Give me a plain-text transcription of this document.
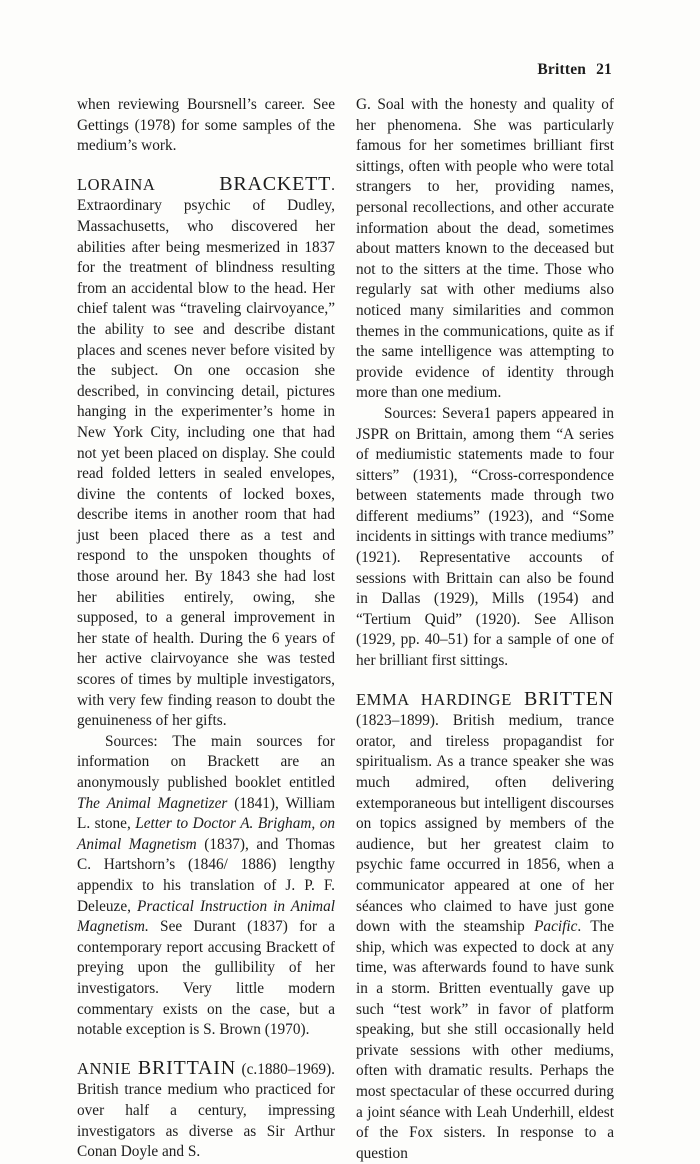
Britten 21

when reviewing Boursnell’s career. See Gettings (1978) for some samples of the medium’s work.

LORAINA BRACKETT. Extraordinary psychic of Dudley, Massachusetts, who discovered her abilities after being mesmerized in 1837 for the treatment of blindness resulting from an accidental blow to the head. Her chief talent was “traveling clairvoyance,” the ability to see and describe distant places and scenes never before visited by the subject. On one occasion she described, in convincing detail, pictures hanging in the experimenter’s home in New York City, including one that had not yet been placed on display. She could read folded letters in sealed envelopes, divine the contents of locked boxes, describe items in another room that had just been placed there as a test and respond to the unspoken thoughts of those around her. By 1843 she had lost her abilities entirely, owing, she supposed, to a general improvement in her state of health. During the 6 years of her active clairvoyance she was tested scores of times by multiple investigators, with very few finding reason to doubt the genuineness of her gifts.

Sources: The main sources for information on Brackett are an anonymously published booklet entitled The Animal Magnetizer (1841), William L. stone, Letter to Doctor A. Brigham, on Animal Magnetism (1837), and Thomas C. Hartshorn’s (1846/ 1886) lengthy appendix to his translation of J. P. F. Deleuze, Practical Instruction in Animal Magnetism. See Durant (1837) for a contemporary report accusing Brackett of preying upon the gullibility of her investigators. Very little modern commentary exists on the case, but a notable exception is S. Brown (1970).

ANNIE BRITTAIN (c.1880–1969). British trance medium who practiced for over half a century, impressing investigators as diverse as Sir Arthur Conan Doyle and S.

G. Soal with the honesty and quality of her phenomena. She was particularly famous for her sometimes brilliant first sittings, often with people who were total strangers to her, providing names, personal recollections, and other accurate information about the dead, sometimes about matters known to the deceased but not to the sitters at the time. Those who regularly sat with other mediums also noticed many similarities and common themes in the communications, quite as if the same intelligence was attempting to provide evidence of identity through more than one medium.

Sources: Severa1 papers appeared in JSPR on Brittain, among them “A series of mediumistic statements made to four sitters” (1931), “Cross-correspondence between statements made through two different mediums” (1923), and “Some incidents in sittings with trance mediums” (1921). Representative accounts of sessions with Brittain can also be found in Dallas (1929), Mills (1954) and “Tertium Quid” (1920). See Allison (1929, pp. 40–51) for a sample of one of her brilliant first sittings.

EMMA HARDINGE BRITTEN (1823–1899). British medium, trance orator, and tireless propagandist for spiritualism. As a trance speaker she was much admired, often delivering extemporaneous but intelligent discourses on topics assigned by members of the audience, but her greatest claim to psychic fame occurred in 1856, when a communicator appeared at one of her séances who claimed to have just gone down with the steamship Pacific. The ship, which was expected to dock at any time, was afterwards found to have sunk in a storm. Britten eventually gave up such “test work” in favor of platform speaking, but she still occasionally held private sessions with other mediums, often with dramatic results. Perhaps the most spectacular of these occurred during a joint séance with Leah Underhill, eldest of the Fox sisters. In response to a question
